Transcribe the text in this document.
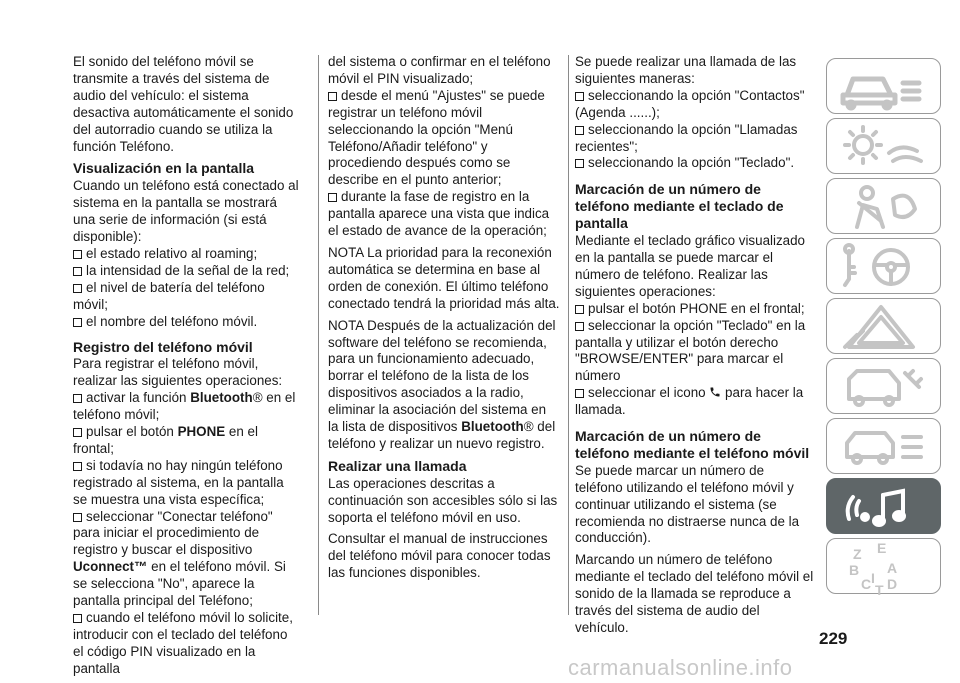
El sonido del teléfono móvil se transmite a través del sistema de audio del vehículo: el sistema desactiva automáticamente el sonido del autorradio cuando se utiliza la función Teléfono.

Visualización en la pantalla

Cuando un teléfono está conectado al sistema en la pantalla se mostrará una serie de información (si está disponible):

el estado relativo al roaming;
la intensidad de la señal de la red;
el nivel de batería del teléfono móvil;
el nombre del teléfono móvil.
Registro del teléfono móvil

Para registrar el teléfono móvil, realizar las siguientes operaciones:

activar la función Bluetooth® en el teléfono móvil;
pulsar el botón PHONE en el frontal;
si todavía no hay ningún teléfono registrado al sistema, en la pantalla se muestra una vista específica;
seleccionar "Conectar teléfono" para iniciar el procedimiento de registro y buscar el dispositivo Uconnect™ en el teléfono móvil. Si se selecciona "No", aparece la pantalla principal del Teléfono;
cuando el teléfono móvil lo solicite, introducir con el teclado del teléfono el código PIN visualizado en la pantalla

del sistema o confirmar en el teléfono móvil el PIN visualizado;

desde el menú "Ajustes" se puede registrar un teléfono móvil seleccionando la opción "Menú Teléfono/Añadir teléfono" y procediendo después como se describe en el punto anterior;
durante la fase de registro en la pantalla aparece una vista que indica el estado de avance de la operación;

NOTA La prioridad para la reconexión automática se determina en base al orden de conexión. El último teléfono conectado tendrá la prioridad más alta.

NOTA Después de la actualización del software del teléfono se recomienda, para un funcionamiento adecuado, borrar el teléfono de la lista de los dispositivos asociados a la radio, eliminar la asociación del sistema en la lista de dispositivos Bluetooth® del teléfono y realizar un nuevo registro.

Realizar una llamada

Las operaciones descritas a continuación son accesibles sólo si las soporta el teléfono móvil en uso.

Consultar el manual de instrucciones del teléfono móvil para conocer todas las funciones disponibles.

Se puede realizar una llamada de las siguientes maneras:

seleccionando la opción "Contactos" (Agenda ......);
seleccionando la opción "Llamadas recientes";
seleccionando la opción "Teclado".
Marcación de un número de teléfono mediante el teclado de pantalla

Mediante el teclado gráfico visualizado en la pantalla se puede marcar el número de teléfono. Realizar las siguientes operaciones:

pulsar el botón PHONE en el frontal;
seleccionar la opción "Teclado" en la pantalla y utilizar el botón derecho "BROWSE/ENTER" para marcar el número
seleccionar el icono  para hacer la llamada.
Marcación de un número de teléfono mediante el teléfono móvil

Se puede marcar un número de teléfono utilizando el teléfono móvil y continuar utilizando el sistema (se recomienda no distraerse nunca de la conducción).

Marcando un número de teléfono mediante el teclado del teléfono móvil el sonido de la llamada se reproduce a través del sistema de audio del vehículo.

Z E
B
C
A
D
I
T
229
carmanualsonline.info
